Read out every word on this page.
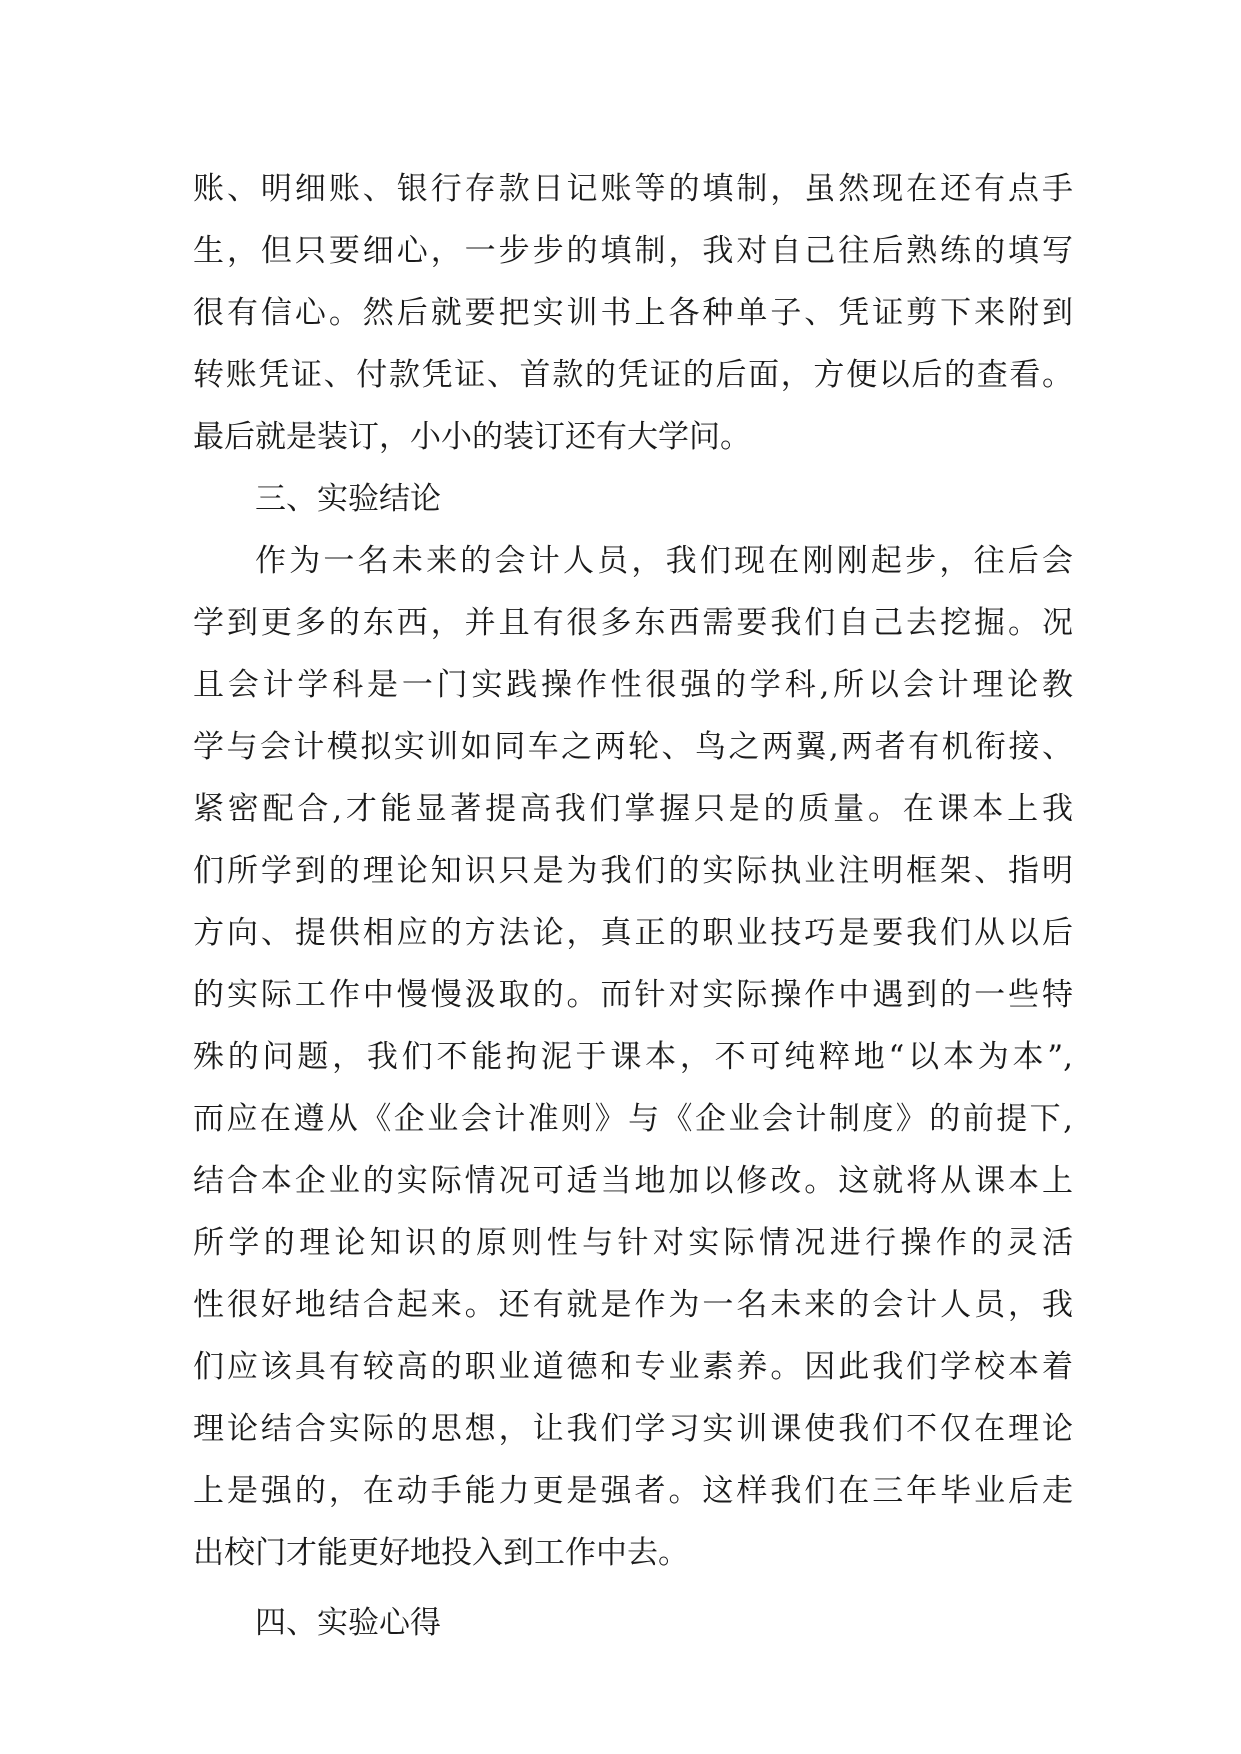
账、明细账、银行存款日记账等的填制，虽然现在还有点手
生，但只要细心，一步步的填制，我对自己往后熟练的填写
很有信心。然后就要把实训书上各种单子、凭证剪下来附到
转账凭证、付款凭证、首款的凭证的后面，方便以后的查看。
最后就是装订，小小的装订还有大学问。
三、实验结论
作为一名未来的会计人员，我们现在刚刚起步，往后会
学到更多的东西，并且有很多东西需要我们自己去挖掘。况
且会计学科是一门实践操作性很强的学科,所以会计理论教
学与会计模拟实训如同车之两轮、鸟之两翼,两者有机衔接、
紧密配合,才能显著提高我们掌握只是的质量。在课本上我
们所学到的理论知识只是为我们的实际执业注明框架、指明
方向、提供相应的方法论，真正的职业技巧是要我们从以后
的实际工作中慢慢汲取的。而针对实际操作中遇到的一些特
殊的问题，我们不能拘泥于课本，不可纯粹地“以本为本”,
而应在遵从《企业会计准则》与《企业会计制度》的前提下,
结合本企业的实际情况可适当地加以修改。这就将从课本上
所学的理论知识的原则性与针对实际情况进行操作的灵活
性很好地结合起来。还有就是作为一名未来的会计人员，我
们应该具有较高的职业道德和专业素养。因此我们学校本着
理论结合实际的思想，让我们学习实训课使我们不仅在理论
上是强的，在动手能力更是强者。这样我们在三年毕业后走
出校门才能更好地投入到工作中去。
四、实验心得
